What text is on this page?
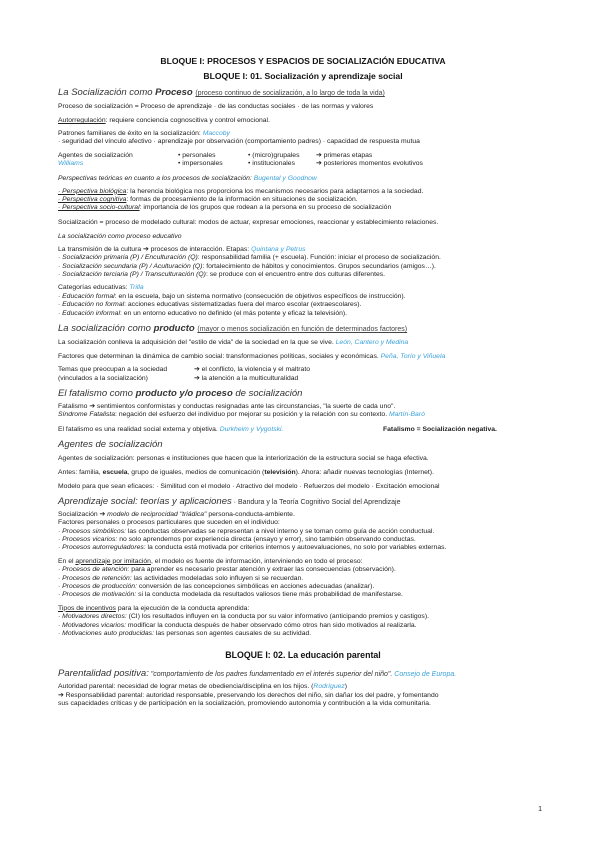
BLOQUE I: PROCESOS Y ESPACIOS DE SOCIALIZACIÓN EDUCATIVA
BLOQUE I: 01. Socialización y aprendizaje social
La Socialización como Proceso (proceso continuo de socialización, a lo largo de toda la vida)

Proceso de socialización = Proceso de aprendizaje · de las conductas sociales · de las normas y valores

Autorregulación: requiere conciencia cognoscitiva y control emocional.

Patrones familiares de éxito en la socialización: Maccoby
· seguridad del vínculo afectivo · aprendizaje por observación (comportamiento padres) · capacidad de respuesta mutua
Agentes de socialización	• personales	• (micro)grupales	➔ primeras etapas
Williams	• impersonales	• institucionales	➔ posteriores momentos evolutivos

Perspectivas teóricas en cuanto a los procesos de socialización: Bugental y Goodnow

· Perspectiva biológica: la herencia biológica nos proporciona los mecanismos necesarios para adaptarnos a la sociedad.
· Perspectiva cognitiva: formas de procesamiento de la información en situaciones de socialización.
· Perspectiva socio-cultural: importancia de los grupos que rodean a la persona en su proceso de socialización

Socialización = proceso de modelado cultural: modos de actuar, expresar emociones, reaccionar y establecimiento relaciones.

La socialización como proceso educativo

La transmisión de la cultura ➔ procesos de interacción. Etapas: Quintana y Petrus
· Socialización primaria (P) / Enculturación (Q): responsabilidad familia (+ escuela). Función: iniciar el proceso de socialización.
· Socialización secundaria (P) / Aculturación (Q): fortalecimiento de hábitos y conocimientos. Grupos secundarios (amigos…).
· Socialización terciaria (P) / Transculturación (Q): se produce con el encuentro entre dos culturas diferentes.
Categorías educativas: Trilla
· Educación formal: en la escuela, bajo un sistema normativo (consecución de objetivos específicos de instrucción).
· Educación no formal: acciones educativas sistematizadas fuera del marco escolar (extraescolares).
· Educación informal: en un entorno educativo no definido (el más potente y eficaz la televisión).
La socialización como producto (mayor o menos socialización en función de determinados factores)

La socialización conlleva la adquisición del "estilo de vida" de la sociedad en la que se vive. León, Cantero y Medina

Factores que determinan la dinámica de cambio social: transformaciones políticas, sociales y económicas. Peña, Torío y Viñuela

Temas que preocupan a la sociedad	➔ el conflicto, la violencia y el maltrato
(vinculados a la socialización)	➔ la atención a la multiculturalidad
El fatalismo como producto y/o proceso de socialización
Fatalismo ➔ sentimientos conformistas y conductas resignadas ante las circunstancias, "la suerte de cada uno".
Síndrome Fatalista: negación del esfuerzo del individuo por mejorar su posición y la relación con su contexto. Martín-Baró

El fatalismo es una realidad social externa y objetiva. Durkheim y Vygotski.	Fatalismo = Socialización negativa.

Agentes de socialización

Agentes de socialización: personas e instituciones que hacen que la interiorización de la estructura social se haga efectiva.

Antes: familia, escuela, grupo de iguales, medios de comunicación (televisión). Ahora: añadir nuevas tecnologías (Internet).

Modelo para que sean eficaces: · Similitud con el modelo · Atractivo del modelo · Refuerzos del modelo · Excitación emocional

Aprendizaje social: teorías y aplicaciones · Bandura y la Teoría Cognitivo Social del Aprendizaje
Socialización ➔ modelo de reciprocidad "triádica" persona-conducta-ambiente.
Factores personales o procesos particulares que suceden en el individuo:
· Procesos simbólicos: las conductas observadas se representan a nivel interno y se toman como guía de acción conductual.
· Procesos vicarios: no solo aprendemos por experiencia directa (ensayo y error), sino también observando conductas.
· Procesos autorreguladores: la conducta está motivada por criterios internos y autoevaluaciones, no solo por variables externas.
En el aprendizaje por imitación, el modelo es fuente de información, interviniendo en todo el proceso:
· Procesos de atención: para aprender es necesario prestar atención y extraer las consecuencias (observación).
· Procesos de retención: las actividades modeladas solo influyen si se recuerdan.
· Procesos de producción: conversión de las concepciones simbólicas en acciones adecuadas (analizar).
· Procesos de motivación: si la conducta modelada da resultados valiosos tiene más probabilidad de manifestarse.
Tipos de incentivos para la ejecución de la conducta aprendida:
· Motivadores directos: (CI) los resultados influyen en la conducta por su valor informativo (anticipando premios y castigos).
· Motivadores vicarios: modificar la conducta después de haber observado cómo otros han sido motivados al realizarla.
· Motivaciones auto producidas: las personas son agentes causales de su actividad.
BLOQUE I: 02. La educación parental
Parentalidad positiva: "comportamiento de los padres fundamentado en el interés superior del niño". Consejo de Europa.
Autoridad parental: necesidad de lograr metas de obediencia/disciplina en los hijos. (Rodríguez)
➔ Responsabilidad parental: autoridad responsable, preservando los derechos del niño, sin dañar los del padre, y fomentando
sus capacidades críticas y de participación en la socialización, promoviendo autonomía y contribución a la vida comunitaria.
1
